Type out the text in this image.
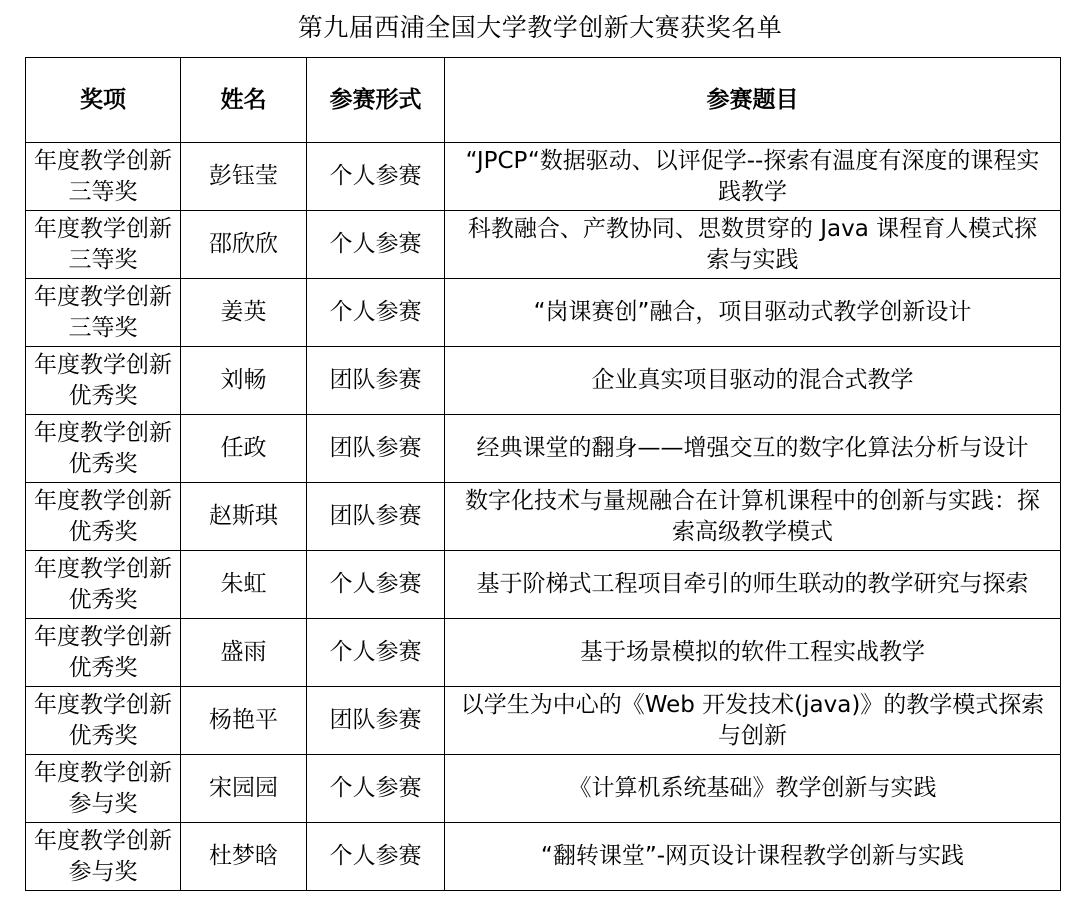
第九届西浦全国大学教学创新大赛获奖名单
奖项	姓名	参赛形式	参赛题目
年度教学创新三等奖	彭钰莹	个人参赛	“JPCP“数据驱动、以评促学--探索有温度有深度的课程实践教学
年度教学创新三等奖	邵欣欣	个人参赛	科教融合、产教协同、思数贯穿的 Java 课程育人模式探索与实践
年度教学创新三等奖	姜英	个人参赛	“岗课赛创”融合，项目驱动式教学创新设计
年度教学创新优秀奖	刘畅	团队参赛	企业真实项目驱动的混合式教学
年度教学创新优秀奖	任政	团队参赛	经典课堂的翻身——增强交互的数字化算法分析与设计
年度教学创新优秀奖	赵斯琪	团队参赛	数字化技术与量规融合在计算机课程中的创新与实践：探索高级教学模式
年度教学创新优秀奖	朱虹	个人参赛	基于阶梯式工程项目牵引的师生联动的教学研究与探索
年度教学创新优秀奖	盛雨	个人参赛	基于场景模拟的软件工程实战教学
年度教学创新优秀奖	杨艳平	团队参赛	以学生为中心的《Web 开发技术(java)》的教学模式探索与创新
年度教学创新参与奖	宋园园	个人参赛	《计算机系统基础》教学创新与实践
年度教学创新参与奖	杜梦晗	个人参赛	“翻转课堂”-网页设计课程教学创新与实践
